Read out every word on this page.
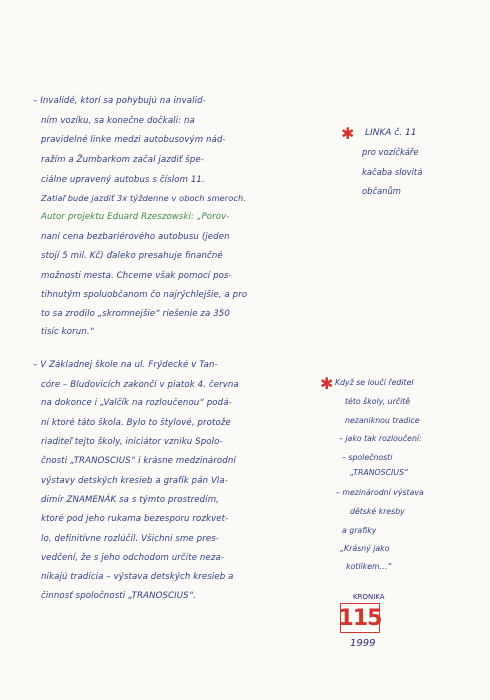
– Invalidé, ktorí sa pohybujú na invalid-
ním vozíku, sa konečne dočkali: na
pravidelné linke medzi autobusovým nád-
ražím a Žumbarkom začal jazdiť špe-
ciálne upravený autobus s číslom 11.
Zatiaľ bude jazdiť 3x týždenne v oboch smeroch.
Autor projektu Eduard Rzeszowski: „Porov-
naní cena bezbariérového autobusu (jeden
stojí 5 mil. Kč) ďaleko presahuje finančné
možnosti mesta. Chceme však pomocí pos-
tihnutým spoluobčanom čo najrýchlejšie, a pro
to sa zrodilo „skromnejšie“ riešenie za 350
tisíc korun.“
✱ LINKA č. 11
pro vozíčkáře
kačaba slovitá
občanům
– V Základnej škole na ul. Frýdecké v Tan-
córe – Bludovicích zakončí v piatok 4. června
na dokonce i „Valčík na rozloučenou“ podá-
ní ktoré táto škola. Bylo to štylové, protože
riaditeľ tejto školy, iniciátor vzniku Spolo-
čnosti „TRANOSCIUS“ i krásne medzinárodní
výstavy detských kresieb a grafík pán Vla-
dimír ZNAMENÁK sa s týmto prostredím,
ktoré pod jeho rukama bezesporu rozkvet-
lo, definitívne rozlúčil. Všichni sme pres-
vedčení, že s jeho odchodom určite neza-
nikajú tradícia – výstava detských kresieb a
činnosť spoločnosti „TRANOSCIUS“.
✱ Když se loučí ředitel
této školy, určitě
nezaniknou tradice
– jako tak rozloučení:
– společnosti
„TRANOSCIUS“
– mezinárodní výstava
dětské kresby
a grafiky
„Krásný jako
kotlíkem…“
KRONIKA
115
1999
